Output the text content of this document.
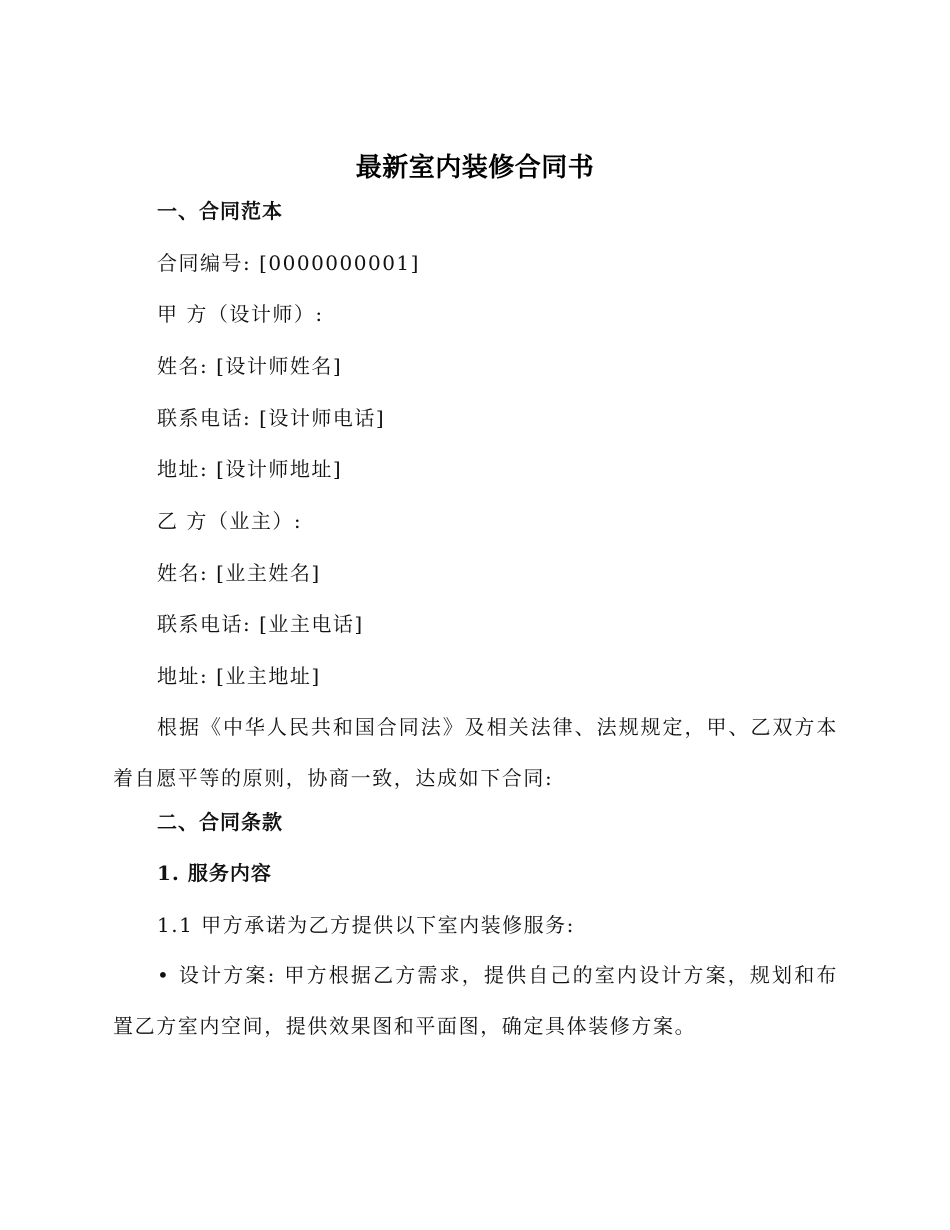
最新室内装修合同书
一、合同范本
合同编号: [0000000001]
甲 方（设计师）:
姓名: [设计师姓名]
联系电话: [设计师电话]
地址: [设计师地址]
乙 方（业主）:
姓名: [业主姓名]
联系电话: [业主电话]
地址: [业主地址]
根据《中华人民共和国合同法》及相关法律、法规规定，甲、乙双方本着自愿平等的原则，协商一致，达成如下合同:
二、合同条款
1. 服务内容
1.1 甲方承诺为乙方提供以下室内装修服务:
• 设计方案: 甲方根据乙方需求，提供自己的室内设计方案，规划和布置乙方室内空间，提供效果图和平面图，确定具体装修方案。
